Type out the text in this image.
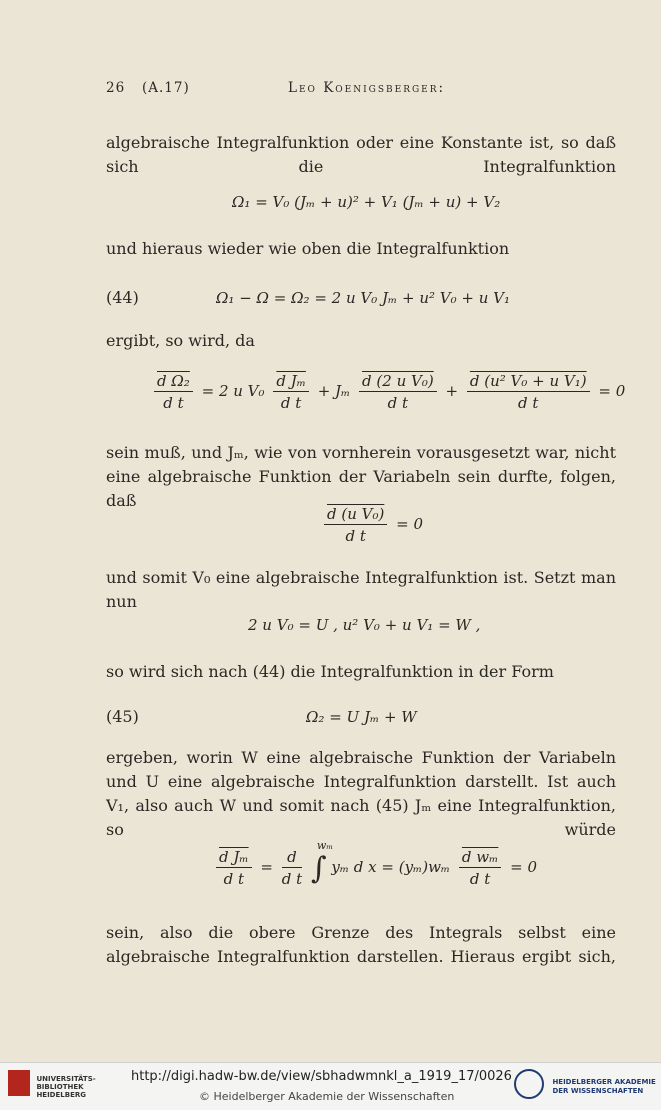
26 (A.17)	Leo Koenigsberger:
algebraische Integralfunktion oder eine Konstante ist, so daß sich die Integralfunktion
Ω₁ = V₀ (Jₘ + u)² + V₁ (Jₘ + u) + V₂
und hieraus wieder wie oben die Integralfunktion
(44)	Ω₁ − Ω = Ω₂ = 2 u V₀ Jₘ + u² V₀ + u V₁
ergibt, so wird, da
$\frac{\text{d Ω₂}}{\text{d t}} = 2$ u $V_0 \frac{\text{d Jₘ}}{\text{d t}} + J_m \frac{\text{d (2 u V₀)}}{\text{d t}} + \frac{\text{d (u² V₀ + u V₁)}}{\text{d t}} = 0$
sein muß, und Jₘ, wie von vornherein vorausgesetzt war, nicht eine algebraische Funktion der Variabeln sein durfte, folgen, daß
$\frac{\text{d (u V₀)}}{\text{d t}} = 0$
und somit V₀ eine algebraische Integralfunktion ist. Setzt man nun
2 u V₀ = U , u² V₀ + u V₁ = W ,
so wird sich nach (44) die Integralfunktion in der Form
(45)	Ω₂ = U Jₘ + W
ergeben, worin W eine algebraische Funktion der Variabeln und U eine algebraische Integralfunktion darstellt. Ist auch V₁, also auch W und somit nach (45) Jₘ eine Integralfunktion, so würde
$\frac{\text{d Jₘ}}{\text{d t}} = \frac{d}{\text{d t}}$

wₘ
∫ yₘ d $x = (y_m)w_m \frac{\text{d wₘ}}{\text{d t}} = 0$
sein, also die obere Grenze des Integrals selbst eine algebraische Integralfunktion darstellen. Hieraus ergibt sich,
UNIVERSITÄTS-
BIBLIOTHEK
HEIDELBERG
http://digi.hadw-bw.de/view/sbhadwmnkl_a_1919_17/0026
© Heidelberger Akademie der Wissenschaften
HEIDELBERGER AKADEMIE
DER WISSENSCHAFTEN
